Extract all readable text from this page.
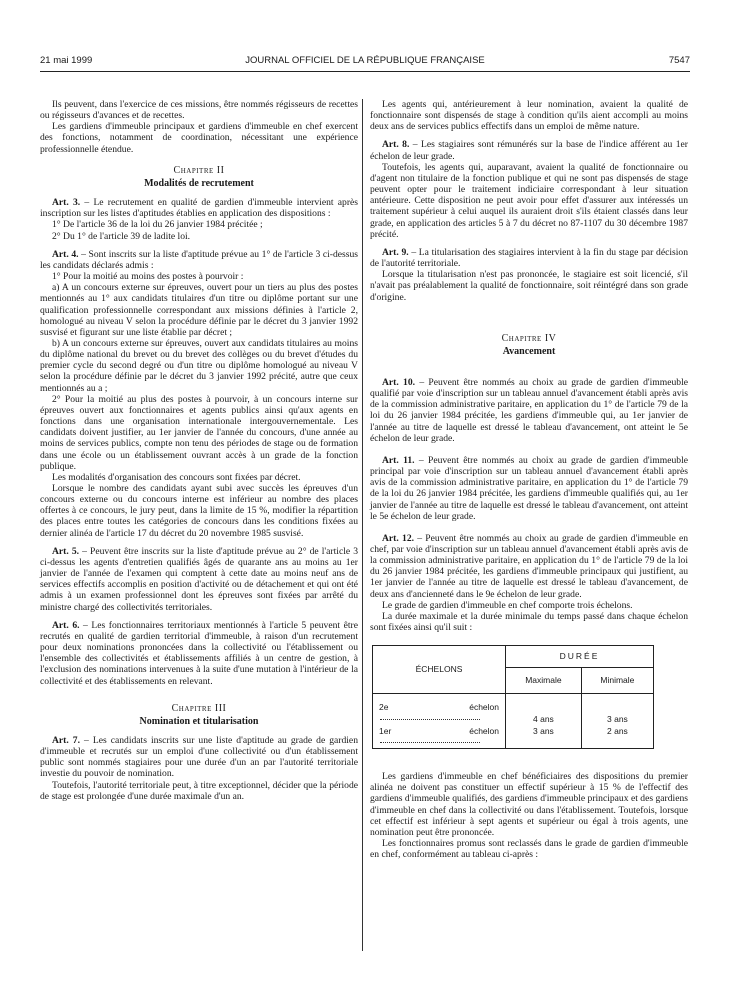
21 mai 1999	JOURNAL OFFICIEL DE LA RÉPUBLIQUE FRANÇAISE	7547

Ils peuvent, dans l'exercice de ces missions, être nommés régisseurs de recettes ou régisseurs d'avances et de recettes.

Les gardiens d'immeuble principaux et gardiens d'immeuble en chef exercent des fonctions, notamment de coordination, nécessitant une expérience professionnelle étendue.

Chapitre II
Modalités de recrutement

Art. 3. – Le recrutement en qualité de gardien d'immeuble intervient après inscription sur les listes d'aptitudes établies en application des dispositions :

1° De l'article 36 de la loi du 26 janvier 1984 précitée ;

2° Du 1° de l'article 39 de ladite loi.

Art. 4. – Sont inscrits sur la liste d'aptitude prévue au 1° de l'article 3 ci-dessus les candidats déclarés admis :

1° Pour la moitié au moins des postes à pourvoir :

a) A un concours externe sur épreuves, ouvert pour un tiers au plus des postes mentionnés au 1° aux candidats titulaires d'un titre ou diplôme portant sur une qualification professionnelle correspondant aux missions définies à l'article 2, homologué au niveau V selon la procédure définie par le décret du 3 janvier 1992 susvisé et figurant sur une liste établie par décret ;

b) A un concours externe sur épreuves, ouvert aux candidats titulaires au moins du diplôme national du brevet ou du brevet des collèges ou du brevet d'études du premier cycle du second degré ou d'un titre ou diplôme homologué au niveau V selon la procédure définie par le décret du 3 janvier 1992 précité, autre que ceux mentionnés au a ;

2° Pour la moitié au plus des postes à pourvoir, à un concours interne sur épreuves ouvert aux fonctionnaires et agents publics ainsi qu'aux agents en fonctions dans une organisation internationale intergouvernementale. Les candidats doivent justifier, au 1er janvier de l'année du concours, d'une année au moins de services publics, compte non tenu des périodes de stage ou de formation dans une école ou un établissement ouvrant accès à un grade de la fonction publique.

Les modalités d'organisation des concours sont fixées par décret.

Lorsque le nombre des candidats ayant subi avec succès les épreuves d'un concours externe ou du concours interne est inférieur au nombre des places offertes à ce concours, le jury peut, dans la limite de 15 %, modifier la répartition des places entre toutes les catégories de concours dans les conditions fixées au dernier alinéa de l'article 17 du décret du 20 novembre 1985 susvisé.

Art. 5. – Peuvent être inscrits sur la liste d'aptitude prévue au 2° de l'article 3 ci-dessus les agents d'entretien qualifiés âgés de quarante ans au moins au 1er janvier de l'année de l'examen qui comptent à cette date au moins neuf ans de services effectifs accomplis en position d'activité ou de détachement et qui ont été admis à un examen professionnel dont les épreuves sont fixées par arrêté du ministre chargé des collectivités territoriales.

Art. 6. – Les fonctionnaires territoriaux mentionnés à l'article 5 peuvent être recrutés en qualité de gardien territorial d'immeuble, à raison d'un recrutement pour deux nominations prononcées dans la collectivité ou l'établissement ou l'ensemble des collectivités et établissements affiliés à un centre de gestion, à l'exclusion des nominations intervenues à la suite d'une mutation à l'intérieur de la collectivité et des établissements en relevant.

Chapitre III
Nomination et titularisation

Art. 7. – Les candidats inscrits sur une liste d'aptitude au grade de gardien d'immeuble et recrutés sur un emploi d'une collectivité ou d'un établissement public sont nommés stagiaires pour une durée d'un an par l'autorité territoriale investie du pouvoir de nomination.

Toutefois, l'autorité territoriale peut, à titre exceptionnel, décider que la période de stage est prolongée d'une durée maximale d'un an.

Les agents qui, antérieurement à leur nomination, avaient la qualité de fonctionnaire sont dispensés de stage à condition qu'ils aient accompli au moins deux ans de services publics effectifs dans un emploi de même nature.

Art. 8. – Les stagiaires sont rémunérés sur la base de l'indice afférent au 1er échelon de leur grade.

Toutefois, les agents qui, auparavant, avaient la qualité de fonctionnaire ou d'agent non titulaire de la fonction publique et qui ne sont pas dispensés de stage peuvent opter pour le traitement indiciaire correspondant à leur situation antérieure. Cette disposition ne peut avoir pour effet d'assurer aux intéressés un traitement supérieur à celui auquel ils auraient droit s'ils étaient classés dans leur grade, en application des articles 5 à 7 du décret no 87-1107 du 30 décembre 1987 précité.

Art. 9. – La titularisation des stagiaires intervient à la fin du stage par décision de l'autorité territoriale.

Lorsque la titularisation n'est pas prononcée, le stagiaire est soit licencié, s'il n'avait pas préalablement la qualité de fonctionnaire, soit réintégré dans son grade d'origine.

Chapitre IV
Avancement

Art. 10. – Peuvent être nommés au choix au grade de gardien d'immeuble qualifié par voie d'inscription sur un tableau annuel d'avancement établi après avis de la commission administrative paritaire, en application du 1° de l'article 79 de la loi du 26 janvier 1984 précitée, les gardiens d'immeuble qui, au 1er janvier de l'année au titre de laquelle est dressé le tableau d'avancement, ont atteint le 5e échelon de leur grade.

Art. 11. – Peuvent être nommés au choix au grade de gardien d'immeuble principal par voie d'inscription sur un tableau annuel d'avancement établi après avis de la commission administrative paritaire, en application du 1° de l'article 79 de la loi du 26 janvier 1984 précitée, les gardiens d'immeuble qualifiés qui, au 1er janvier de l'année au titre de laquelle est dressé le tableau d'avancement, ont atteint le 5e échelon de leur grade.

Art. 12. – Peuvent être nommés au choix au grade de gardien d'immeuble en chef, par voie d'inscription sur un tableau annuel d'avancement établi après avis de la commission administrative paritaire, en application du 1° de l'article 79 de la loi du 26 janvier 1984 précitée, les gardiens d'immeuble principaux qui justifient, au 1er janvier de l'année au titre de laquelle est dressé le tableau d'avancement, de deux ans d'ancienneté dans le 9e échelon de leur grade.

Le grade de gardien d'immeuble en chef comporte trois échelons.

La durée maximale et la durée minimale du temps passé dans chaque échelon sont fixées ainsi qu'il suit :

ÉCHELONS	DURÉE	
	Maximale	Minimale
2e échelon	4 ans	3 ans
1er échelon	3 ans	2 ans

Les gardiens d'immeuble en chef bénéficiaires des dispositions du premier alinéa ne doivent pas constituer un effectif supérieur à 15 % de l'effectif des gardiens d'immeuble qualifiés, des gardiens d'immeuble principaux et des gardiens d'immeuble en chef dans la collectivité ou dans l'établissement. Toutefois, lorsque cet effectif est inférieur à sept agents et supérieur ou égal à trois agents, une nomination peut être prononcée.

Les fonctionnaires promus sont reclassés dans le grade de gardien d'immeuble en chef, conformément au tableau ci-après :
